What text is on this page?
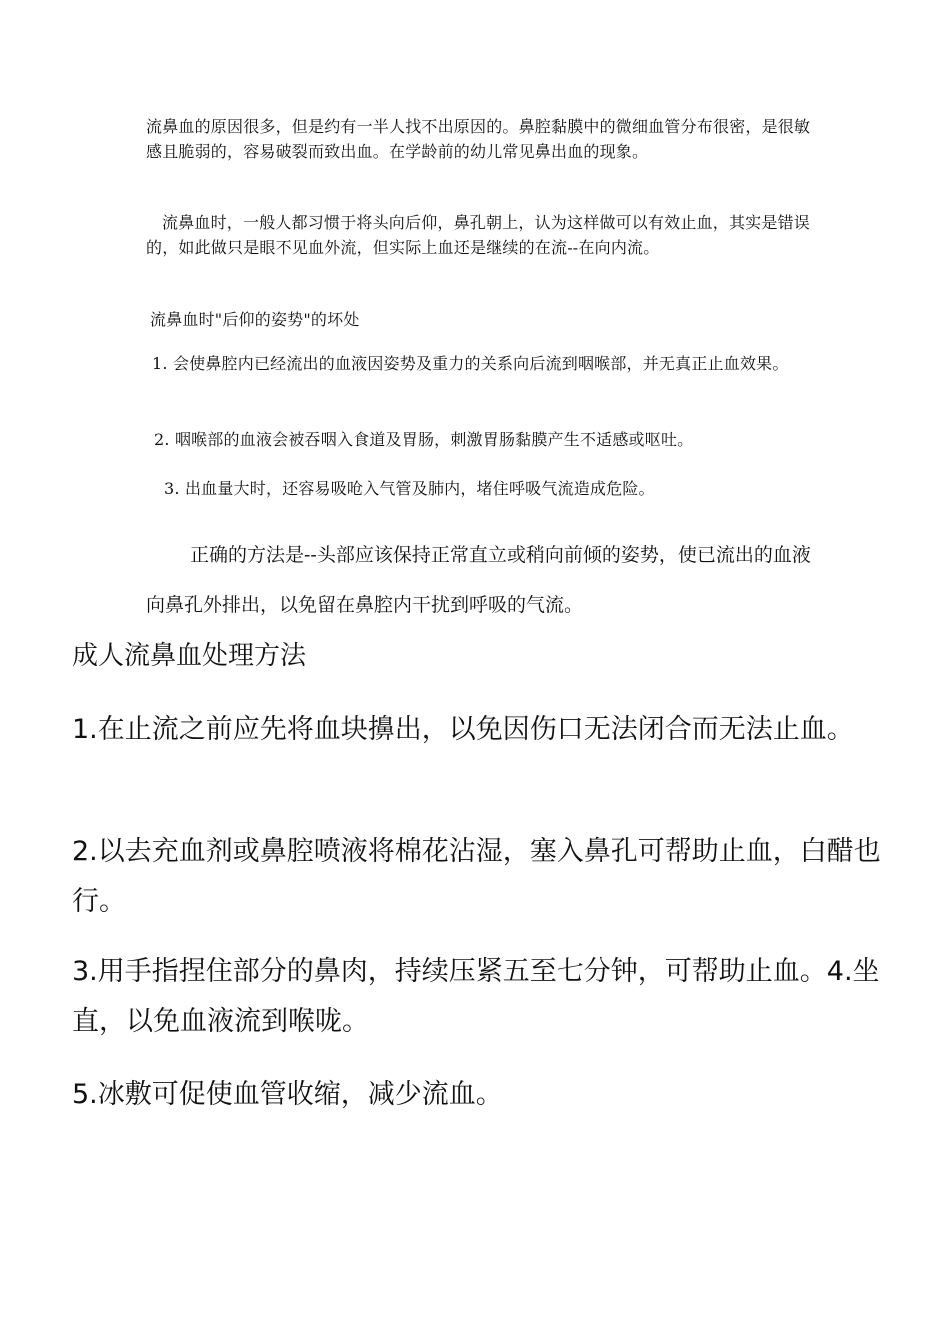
流鼻血的原因很多，但是约有一半人找不出原因的。鼻腔黏膜中的微细血管分布很密，是很敏感且脆弱的，容易破裂而致出血。在学龄前的幼儿常见鼻出血的现象。

流鼻血时，一般人都习惯于将头向后仰，鼻孔朝上，认为这样做可以有效止血，其实是错误的，如此做只是眼不见血外流，但实际上血还是继续的在流--在向内流。

流鼻血时"后仰的姿势"的坏处

1. 会使鼻腔内已经流出的血液因姿势及重力的关系向后流到咽喉部，并无真正止血效果。

2. 咽喉部的血液会被吞咽入食道及胃肠，刺激胃肠黏膜产生不适感或呕吐。

3. 出血量大时，还容易吸呛入气管及肺内，堵住呼吸气流造成危险。

正确的方法是--头部应该保持正常直立或稍向前倾的姿势，使已流出的血液向鼻孔外排出，以免留在鼻腔内干扰到呼吸的气流。

成人流鼻血处理方法

1.在止流之前应先将血块擤出，以免因伤口无法闭合而无法止血。

2.以去充血剂或鼻腔喷液将棉花沾湿，塞入鼻孔可帮助止血，白醋也行。

3.用手指捏住部分的鼻肉，持续压紧五至七分钟，可帮助止血。4.坐直，以免血液流到喉咙。

5.冰敷可促使血管收缩，减少流血。
